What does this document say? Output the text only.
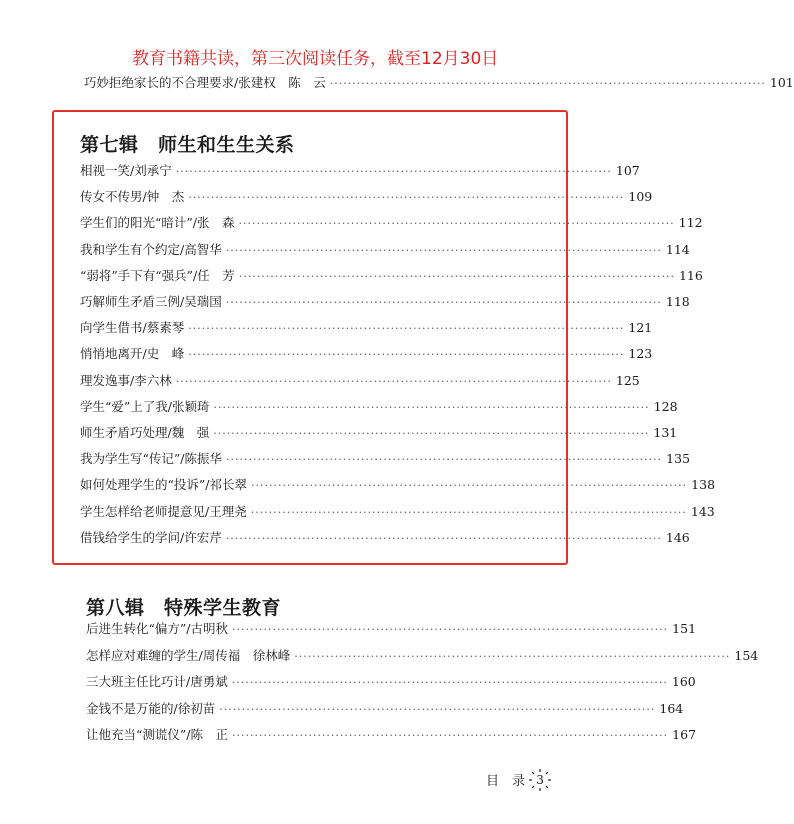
教育书籍共读，第三次阅读任务，截至12月30日
巧妙拒绝家长的不合理要求/张建权　陈　云 ································································································· 101
第七辑　师生和生生关系
相视一笑/刘承宁 ································································································· 107
传女不传男/钟　杰 ································································································· 109
学生们的阳光“暗计”/张　森 ································································································· 112
我和学生有个约定/高智华 ································································································· 114
“弱将”手下有“强兵”/任　芳 ································································································· 116
巧解师生矛盾三例/吴瑞国 ································································································· 118
向学生借书/蔡素琴 ································································································· 121
悄悄地离开/史　峰 ································································································· 123
理发逸事/李六林 ································································································· 125
学生“爱”上了我/张颖琦 ································································································· 128
师生矛盾巧处理/魏　强 ································································································· 131
我为学生写“传记”/陈振华 ································································································· 135
如何处理学生的“投诉”/祁长翠 ································································································· 138
学生怎样给老师提意见/王理尧 ································································································· 143
借钱给学生的学问/许宏芹 ································································································· 146
第八辑　特殊学生教育
后进生转化“偏方”/古明秋 ································································································· 151
怎样应对难缠的学生/周传福　徐林峰 ································································································· 154
三大班主任比巧计/唐勇斌 ································································································· 160
金钱不是万能的/徐初苗 ································································································· 164
让他充当“测谎仪”/陈　正 ································································································· 167
目　录 3
